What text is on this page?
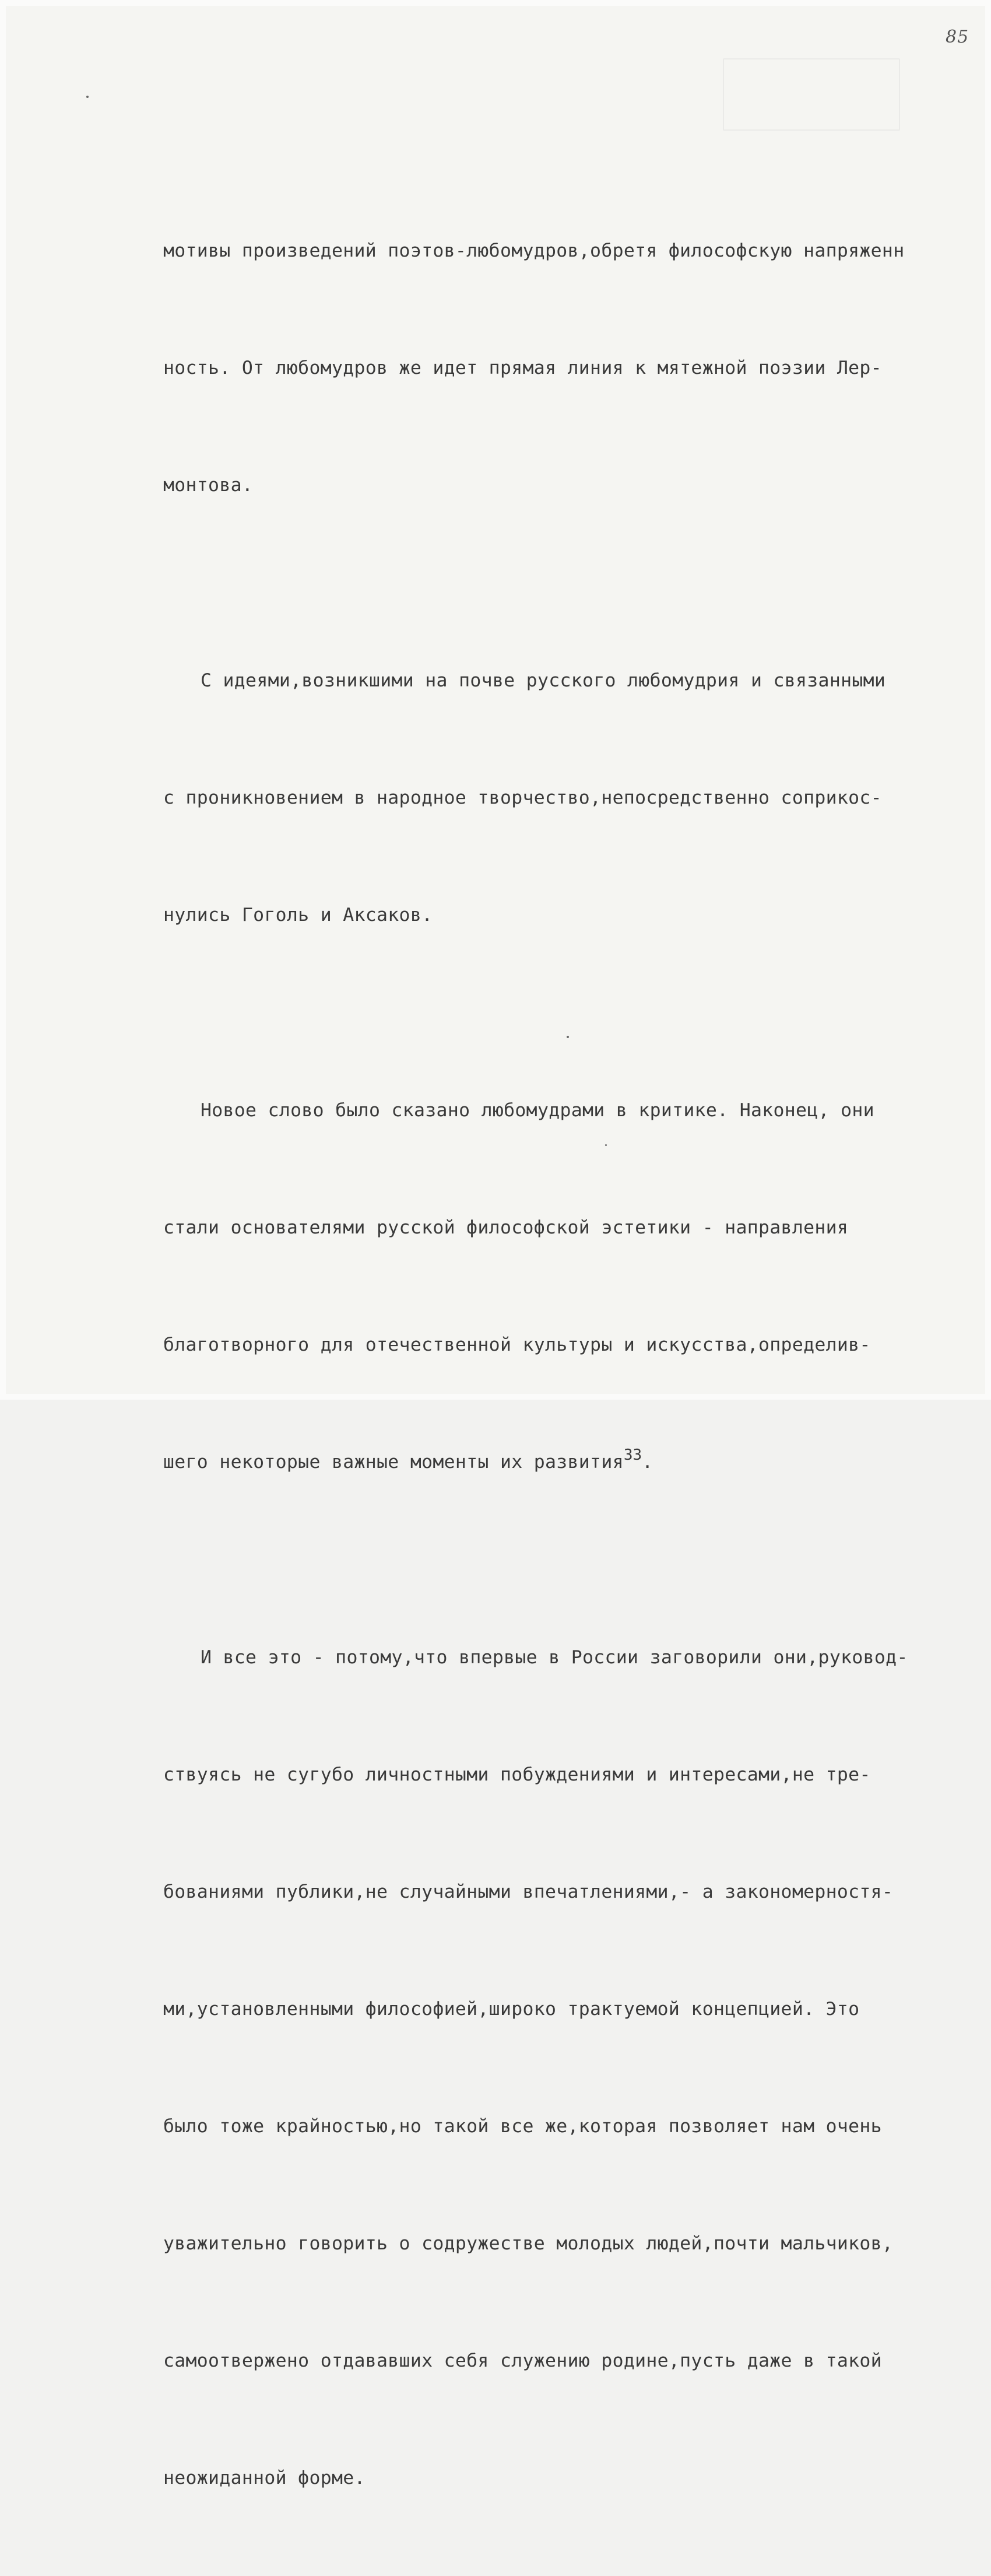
85

мотивы произведений поэтов-любомудров,обретя философскую напряженн

ность. От любомудров же идет прямая линия к мятежной поэзии Лер-

монтова.

С идеями,возникшими на почве русского любомудрия и связанными

с проникновением в народное творчество,непосредственно соприкос-

нулись Гоголь и Аксаков.

Новое слово было сказано любомудрами в критике. Наконец, они

стали основателями русской философской эстетики - направления

благотворного для отечественной культуры и искусства,определив-

шего некоторые важные моменты их развития$^{33}$.

И все это - потому,что впервые в России заговорили они,руковод-

ствуясь не сугубо личностными побуждениями и интересами,не тре-

бованиями публики,не случайными впечатлениями,- а закономерностя-

ми,установленными философией,широко трактуемой концепцией. Это

было тоже крайностью,но такой все же,которая позволяет нам очень

уважительно говорить о содружестве молодых людей,почти мальчиков,

самоотвержено отдававших себя служению родине,пусть даже в такой

неожиданной форме.
